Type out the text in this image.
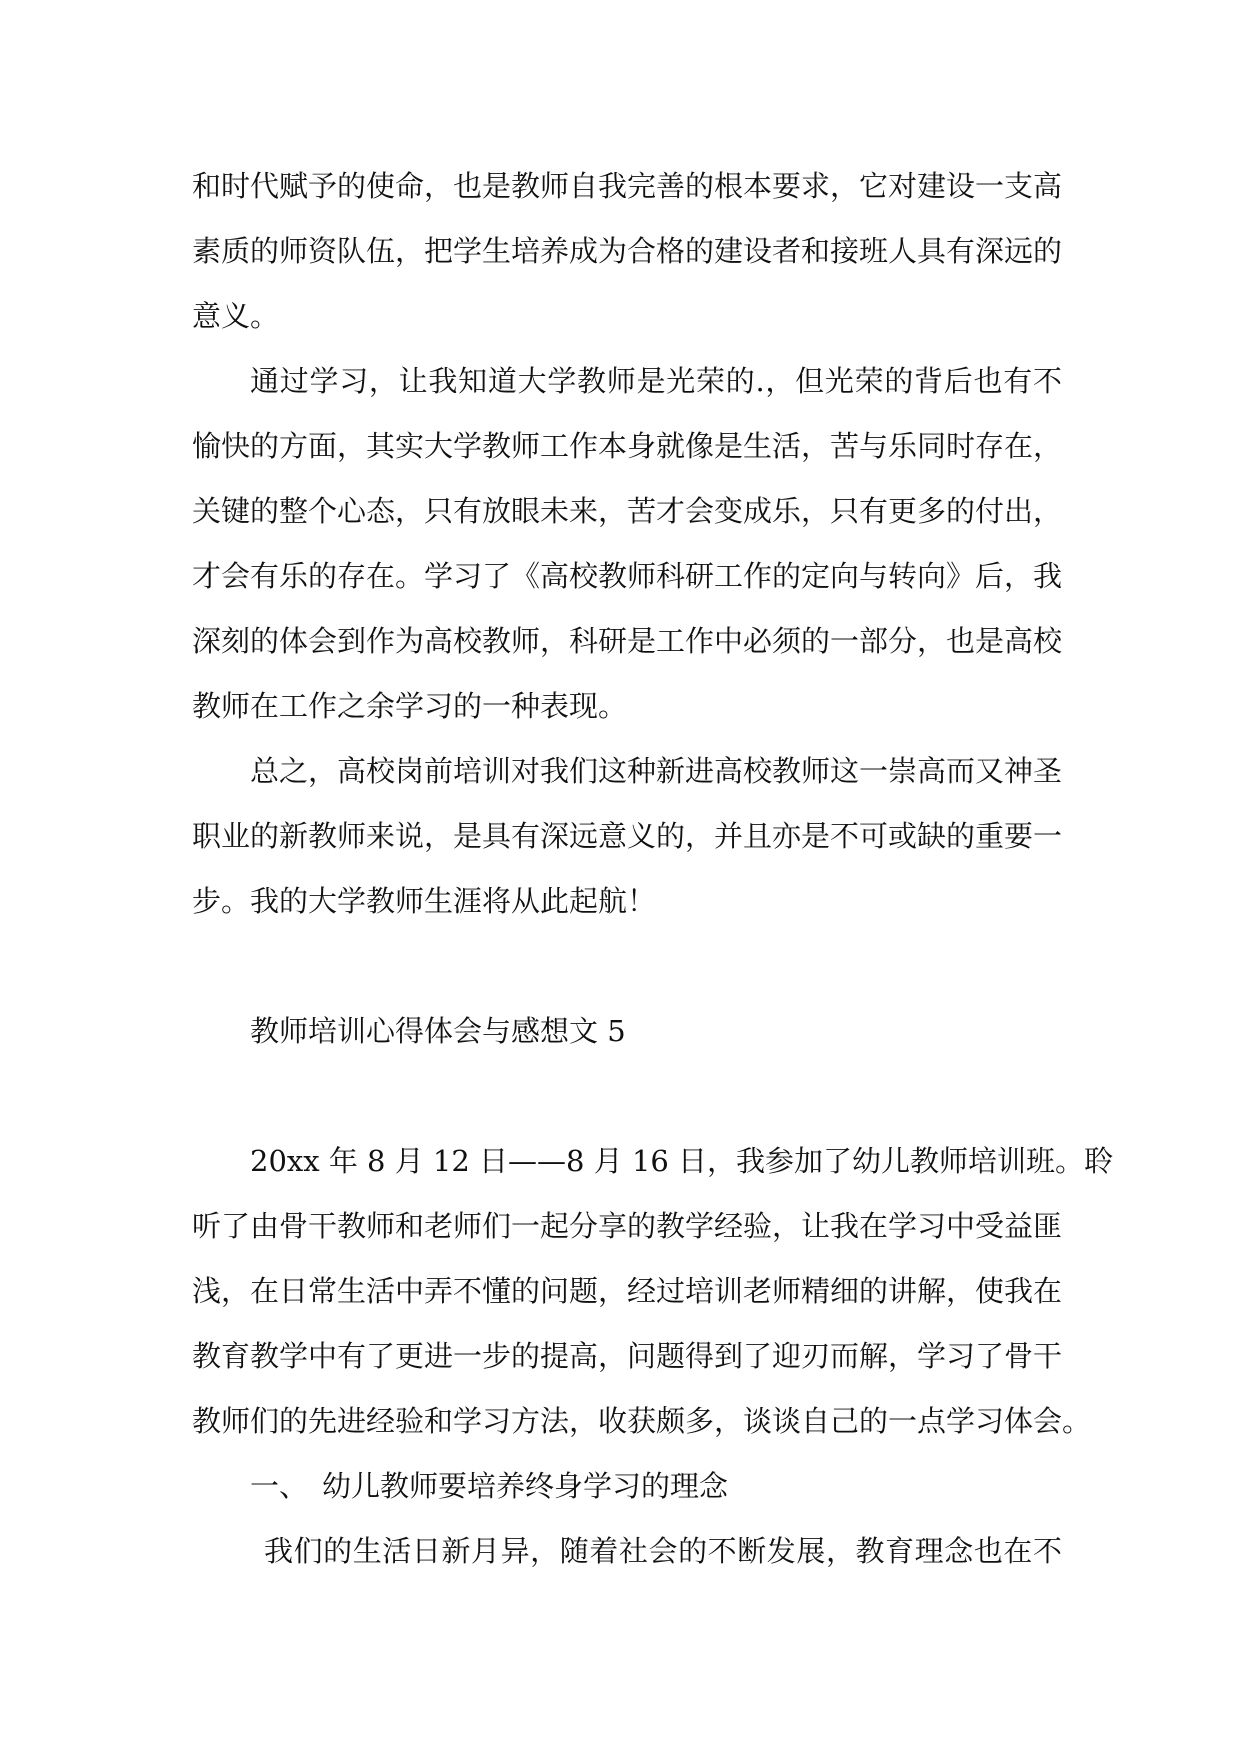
和时代赋予的使命，也是教师自我完善的根本要求，它对建设一支高
素质的师资队伍，把学生培养成为合格的建设者和接班人具有深远的
意义。
通过学习，让我知道大学教师是光荣的.，但光荣的背后也有不
愉快的方面，其实大学教师工作本身就像是生活，苦与乐同时存在，
关键的整个心态，只有放眼未来，苦才会变成乐，只有更多的付出，
才会有乐的存在。学习了《高校教师科研工作的定向与转向》后，我
深刻的体会到作为高校教师，科研是工作中必须的一部分，也是高校
教师在工作之余学习的一种表现。
总之，高校岗前培训对我们这种新进高校教师这一崇高而又神圣
职业的新教师来说，是具有深远意义的，并且亦是不可或缺的重要一
步。我的大学教师生涯将从此起航！
教师培训心得体会与感想文 5
20xx 年 8 月 12 日——8 月 16 日，我参加了幼儿教师培训班。聆
听了由骨干教师和老师们一起分享的教学经验，让我在学习中受益匪
浅，在日常生活中弄不懂的问题，经过培训老师精细的讲解，使我在
教育教学中有了更进一步的提高，问题得到了迎刃而解，学习了骨干
教师们的先进经验和学习方法，收获颇多，谈谈自己的一点学习体会。
一、 幼儿教师要培养终身学习的理念
我们的生活日新月异，随着社会的不断发展，教育理念也在不
